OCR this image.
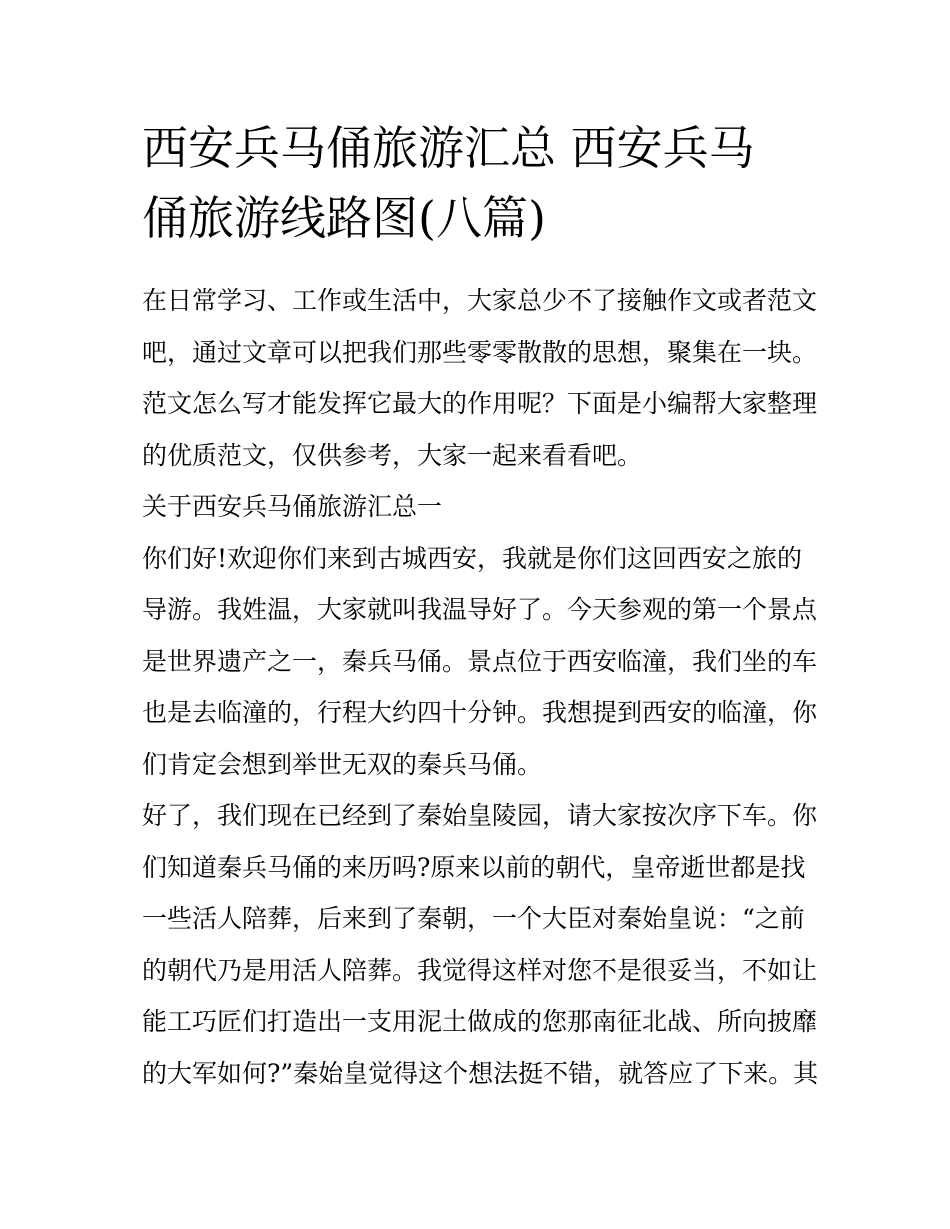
西安兵马俑旅游汇总 西安兵马
俑旅游线路图(八篇)

在日常学习、工作或生活中，大家总少不了接触作文或者范文
吧，通过文章可以把我们那些零零散散的思想，聚集在一块。
范文怎么写才能发挥它最大的作用呢？下面是小编帮大家整理
的优质范文，仅供参考，大家一起来看看吧。

关于西安兵马俑旅游汇总一

你们好!欢迎你们来到古城西安，我就是你们这回西安之旅的
导游。我姓温，大家就叫我温导好了。今天参观的第一个景点
是世界遗产之一，秦兵马俑。景点位于西安临潼，我们坐的车
也是去临潼的，行程大约四十分钟。我想提到西安的临潼，你
们肯定会想到举世无双的秦兵马俑。

好了，我们现在已经到了秦始皇陵园，请大家按次序下车。你
们知道秦兵马俑的来历吗?原来以前的朝代，皇帝逝世都是找
一些活人陪葬，后来到了秦朝，一个大臣对秦始皇说：“之前
的朝代乃是用活人陪葬。我觉得这样对您不是很妥当，不如让
能工巧匠们打造出一支用泥土做成的您那南征北战、所向披靡
的大军如何?”秦始皇觉得这个想法挺不错，就答应了下来。其
